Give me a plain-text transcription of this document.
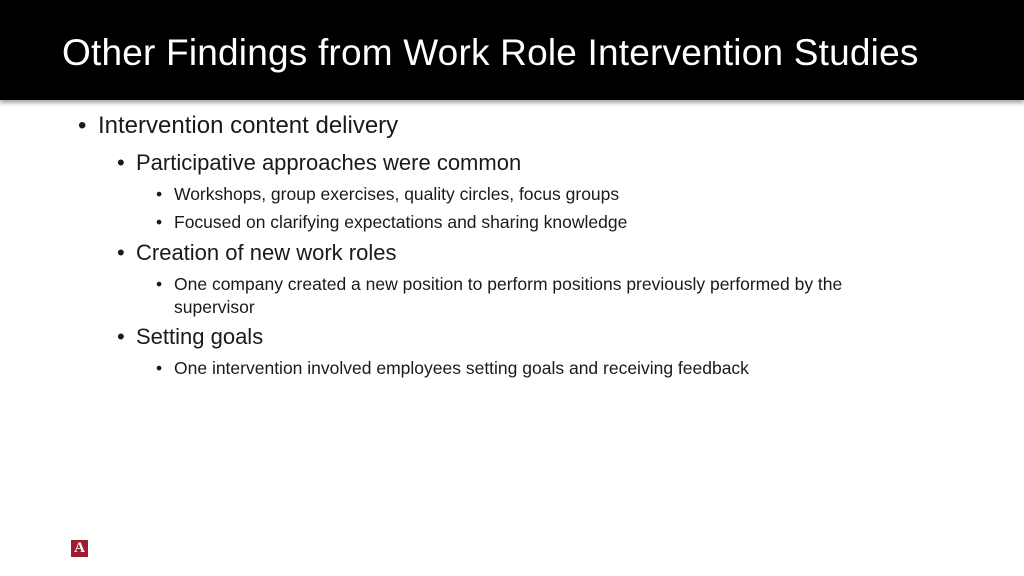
Other Findings from Work Role Intervention Studies
• Intervention content delivery
• Participative approaches were common
• Workshops, group exercises, quality circles, focus groups
• Focused on clarifying expectations and sharing knowledge
• Creation of new work roles
• One company created a new position to perform positions previously performed by the
supervisor
• Setting goals
• One intervention involved employees setting goals and receiving feedback
A
